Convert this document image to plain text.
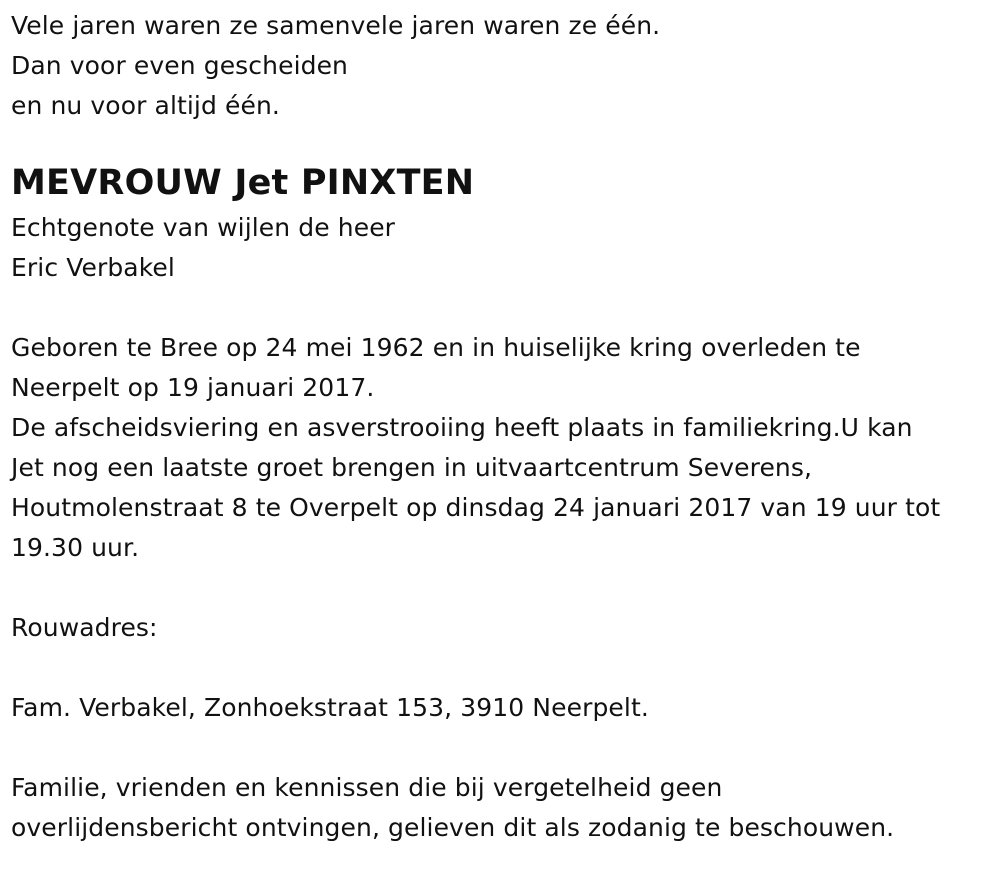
Vele jaren waren ze samenvele jaren waren ze één.
Dan voor even gescheiden
en nu voor altijd één.
MEVROUW Jet PINXTEN
Echtgenote van wijlen de heer
Eric Verbakel
Geboren te Bree op 24 mei 1962 en in huiselijke kring overleden te
Neerpelt op 19 januari 2017.
De afscheidsviering en asverstrooiing heeft plaats in familiekring.U kan
Jet nog een laatste groet brengen in uitvaartcentrum Severens,
Houtmolenstraat 8 te Overpelt op dinsdag 24 januari 2017 van 19 uur tot
19.30 uur.
Rouwadres:
Fam. Verbakel, Zonhoekstraat 153, 3910 Neerpelt.
Familie, vrienden en kennissen die bij vergetelheid geen
overlijdensbericht ontvingen, gelieven dit als zodanig te beschouwen.
